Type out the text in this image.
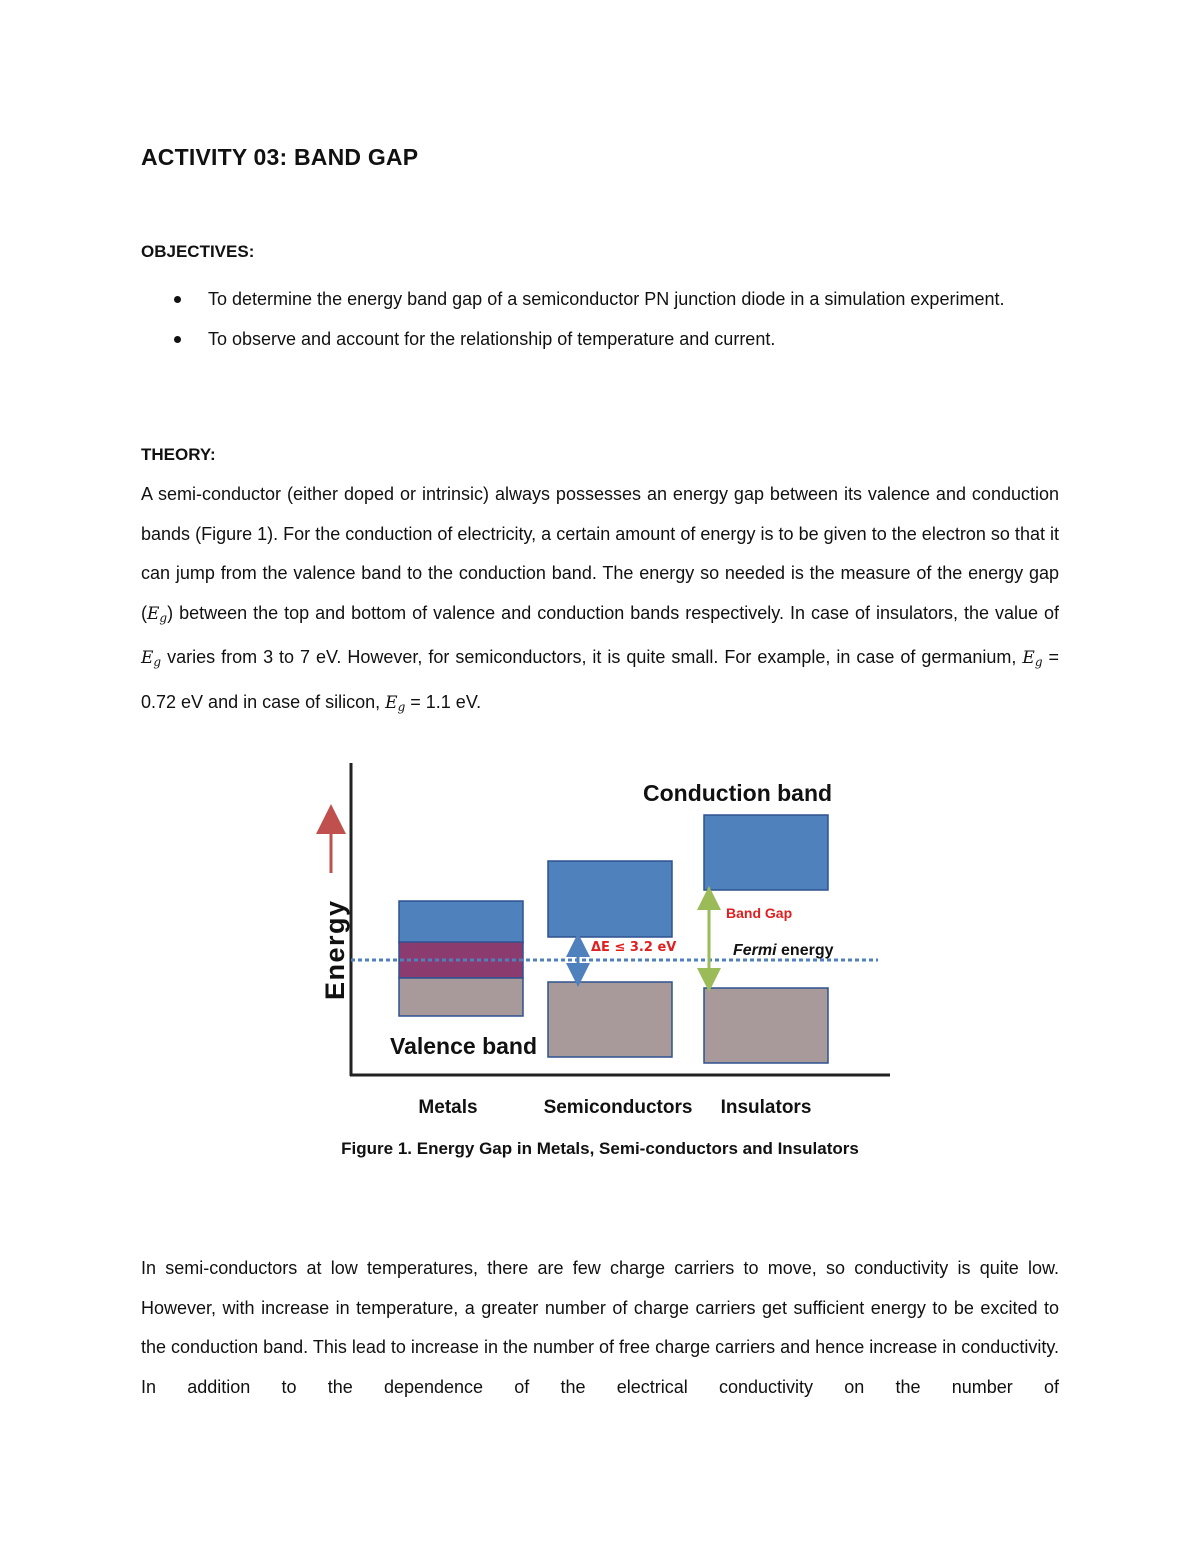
ACTIVITY 03: BAND GAP
OBJECTIVES:
To determine the energy band gap of a semiconductor PN junction diode in a simulation experiment.
To observe and account for the relationship of temperature and current.
THEORY:

A semi-conductor (either doped or intrinsic) always possesses an energy gap between its valence and conduction bands (Figure 1). For the conduction of electricity, a certain amount of energy is to be given to the electron so that it can jump from the valence band to the conduction band. The energy so needed is the measure of the energy gap $(E_g)$ between the top and bottom of valence and conduction bands respectively. In case of insulators, the value of $E_g$ varies from 3 to 7 eV. However, for semiconductors, it is quite small. For example, in case of germanium, $E_g = 0.72$ eV and in case of silicon, $E_g = 1.1$ eV.

Energy
Conduction band
Valence band
Band Gap
ΔE ≤ 3.2 eV	Fermi energy
Metals	Semiconductors Insulators
Figure 1. Energy Gap in Metals, Semi-conductors and Insulators

In semi-conductors at low temperatures, there are few charge carriers to move, so conductivity is quite low. However, with increase in temperature, a greater number of charge carriers get sufficient energy to be excited to the conduction band. This lead to increase in the number of free charge carriers and hence increase in conductivity. In addition to the dependence of the electrical conductivity on the number of
